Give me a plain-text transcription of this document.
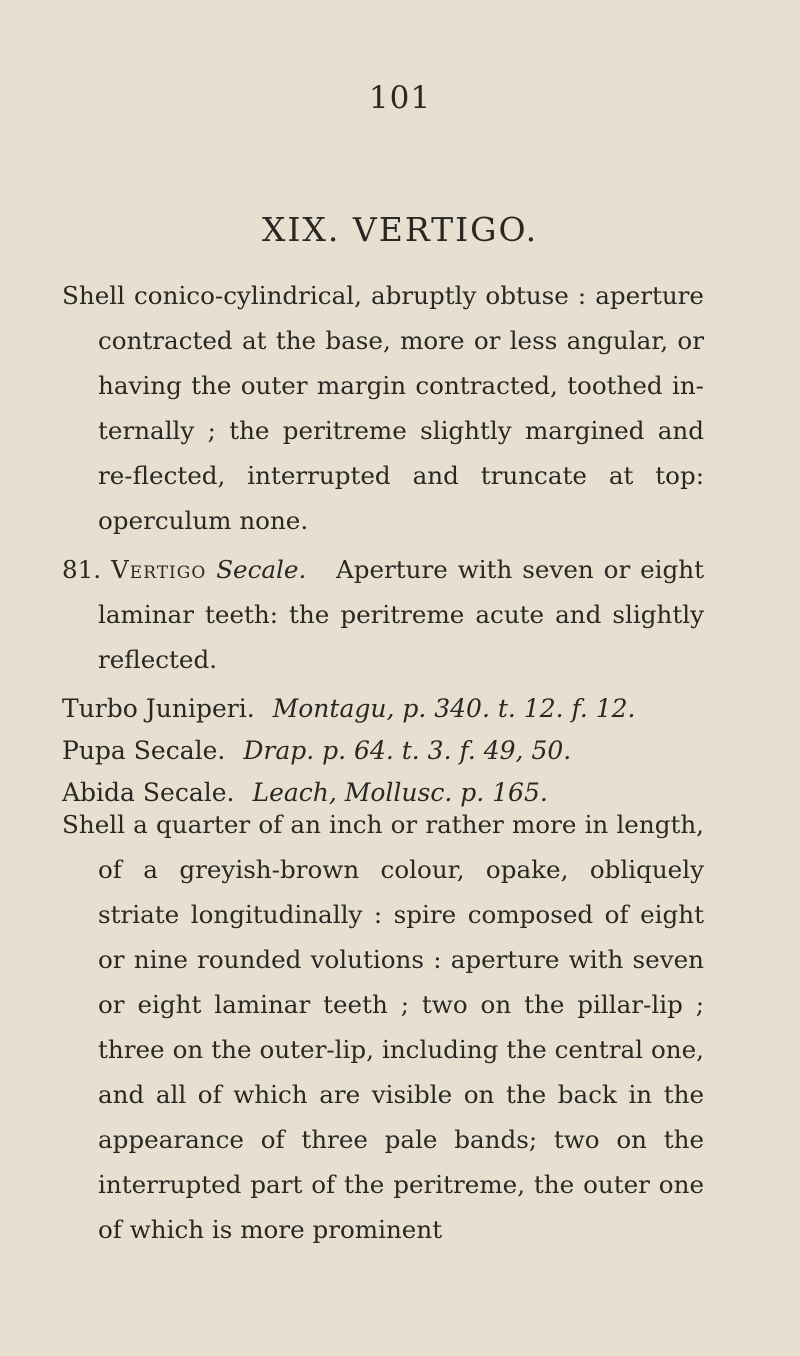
101
XIX. VERTIGO.

Shell conico-cylindrical, abruptly obtuse : aperture contracted at the base, more or less angular, or having the outer margin contracted, toothed in-ternally ; the peritreme slightly margined and re-flected, interrupted and truncate at top: operculum none.

81. Vertigo Secale. Aperture with seven or eight laminar teeth: the peritreme acute and slightly reflected.

Turbo Juniperi. Montagu, p. 340. t. 12. f. 12.
Pupa Secale. Drap. p. 64. t. 3. f. 49, 50.
Abida Secale. Leach, Mollusc. p. 165.

Shell a quarter of an inch or rather more in length, of a greyish-brown colour, opake, obliquely striate longitudinally : spire composed of eight or nine rounded volutions : aperture with seven or eight laminar teeth ; two on the pillar-lip ; three on the outer-lip, including the central one, and all of which are visible on the back in the appearance of three pale bands; two on the interrupted part of the peritreme, the outer one of which is more prominent
